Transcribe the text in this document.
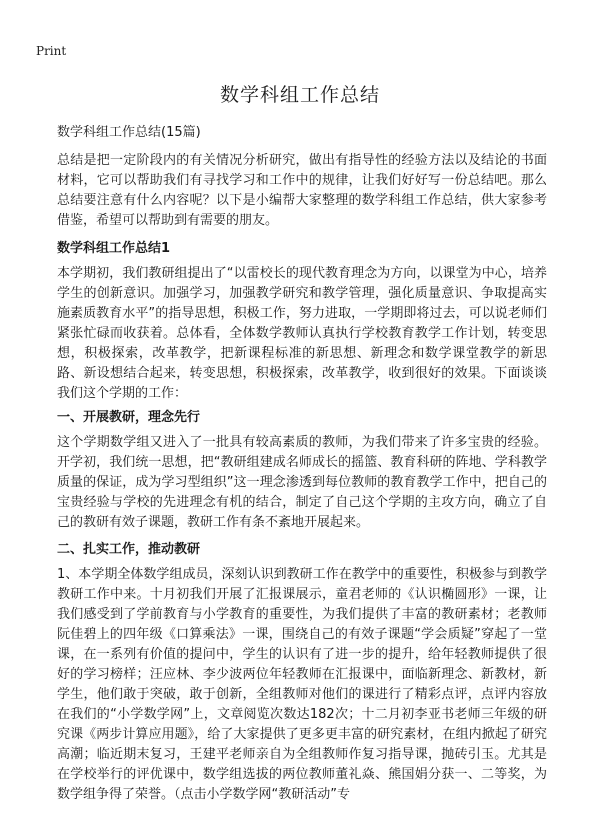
Print
数学科组工作总结
数学科组工作总结(15篇)

总结是把一定阶段内的有关情况分析研究，做出有指导性的经验方法以及结论的书面材料，它可以帮助我们有寻找学习和工作中的规律，让我们好好写一份总结吧。那么总结要注意有什么内容呢？以下是小编帮大家整理的数学科组工作总结，供大家参考借鉴，希望可以帮助到有需要的朋友。

数学科组工作总结1

本学期初，我们教研组提出了“以雷校长的现代教育理念为方向，以课堂为中心，培养学生的创新意识。加强学习，加强教学研究和教学管理，强化质量意识、争取提高实施素质教育水平”的指导思想，积极工作，努力进取，一学期即将过去，可以说老师们紧张忙碌而收获着。总体看，全体数学教师认真执行学校教育教学工作计划，转变思想，积极探索，改革教学，把新课程标准的新思想、新理念和数学课堂教学的新思路、新设想结合起来，转变思想，积极探索，改革教学，收到很好的效果。下面谈谈我们这个学期的工作：

一、开展教研，理念先行

这个学期数学组又进入了一批具有较高素质的教师，为我们带来了许多宝贵的经验。开学初，我们统一思想，把“教研组建成名师成长的摇篮、教育科研的阵地、学科教学质量的保证，成为学习型组织”这一理念渗透到每位教师的教育教学工作中，把自己的宝贵经验与学校的先进理念有机的结合，制定了自己这个学期的主攻方向，确立了自己的教研有效子课题，教研工作有条不紊地开展起来。

二、扎实工作，推动教研

1、本学期全体数学组成员，深刻认识到教研工作在教学中的重要性，积极参与到教学教研工作中来。十月初我们开展了汇报课展示，童君老师的《认识椭圆形》一课，让我们感受到了学前教育与小学教育的重要性，为我们提供了丰富的教研素材；老教师阮佳碧上的四年级《口算乘法》一课，围绕自己的有效子课题“学会质疑”穿起了一堂课，在一系列有价值的提问中，学生的认识有了进一步的提升，给年轻教师提供了很好的学习榜样；汪应林、李少波两位年轻教师在汇报课中，面临新理念、新教材，新学生，他们敢于突破，敢于创新，全组教师对他们的课进行了精彩点评，点评内容放在我们的“小学数学网”上，文章阅览次数达182次；十二月初李亚书老师三年级的研究课《两步计算应用题》，给了大家提供了更多更丰富的研究素材，在组内掀起了研究高潮；临近期末复习，王建平老师亲自为全组教师作复习指导课，抛砖引玉。尤其是在学校举行的评优课中，数学组选拔的两位教师董礼焱、熊国娟分获一、二等奖，为数学组争得了荣誉。（点击小学数学网“教研活动”专
